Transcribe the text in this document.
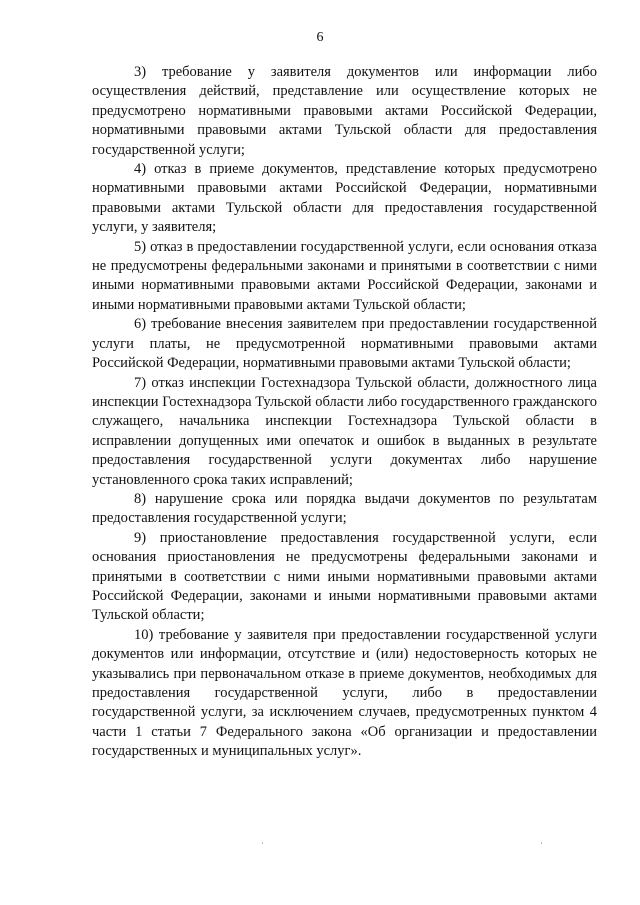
6

3) требование у заявителя документов или информации либо осуществления действий, представление или осуществление которых не предусмотрено нормативными правовыми актами Российской Федерации, нормативными правовыми актами Тульской области для предоставления государственной услуги;

4) отказ в приеме документов, представление которых предусмотрено нормативными правовыми актами Российской Федерации, нормативными правовыми актами Тульской области для предоставления государственной услуги, у заявителя;

5) отказ в предоставлении государственной услуги, если основания отказа не предусмотрены федеральными законами и принятыми в соответствии с ними иными нормативными правовыми актами Российской Федерации, законами и иными нормативными правовыми актами Тульской области;

6) требование внесения заявителем при предоставлении государственной услуги платы, не предусмотренной нормативными правовыми актами Российской Федерации, нормативными правовыми актами Тульской области;

7) отказ инспекции Гостехнадзора Тульской области, должностного лица инспекции Гостехнадзора Тульской области либо государственного гражданского служащего, начальника инспекции Гостехнадзора Тульской области в исправлении допущенных ими опечаток и ошибок в выданных в результате предоставления государственной услуги документах либо нарушение установленного срока таких исправлений;

8) нарушение срока или порядка выдачи документов по результатам предоставления государственной услуги;

9) приостановление предоставления государственной услуги, если основания приостановления не предусмотрены федеральными законами и принятыми в соответствии с ними иными нормативными правовыми актами Российской Федерации, законами и иными нормативными правовыми актами Тульской области;

10) требование у заявителя при предоставлении государственной услуги документов или информации, отсутствие и (или) недостоверность которых не указывались при первоначальном отказе в приеме документов, необходимых для предоставления государственной услуги, либо в предоставлении государственной услуги, за исключением случаев, предусмотренных пунктом 4 части 1 статьи 7 Федерального закона «Об организации и предоставлении государственных и муниципальных услуг».
